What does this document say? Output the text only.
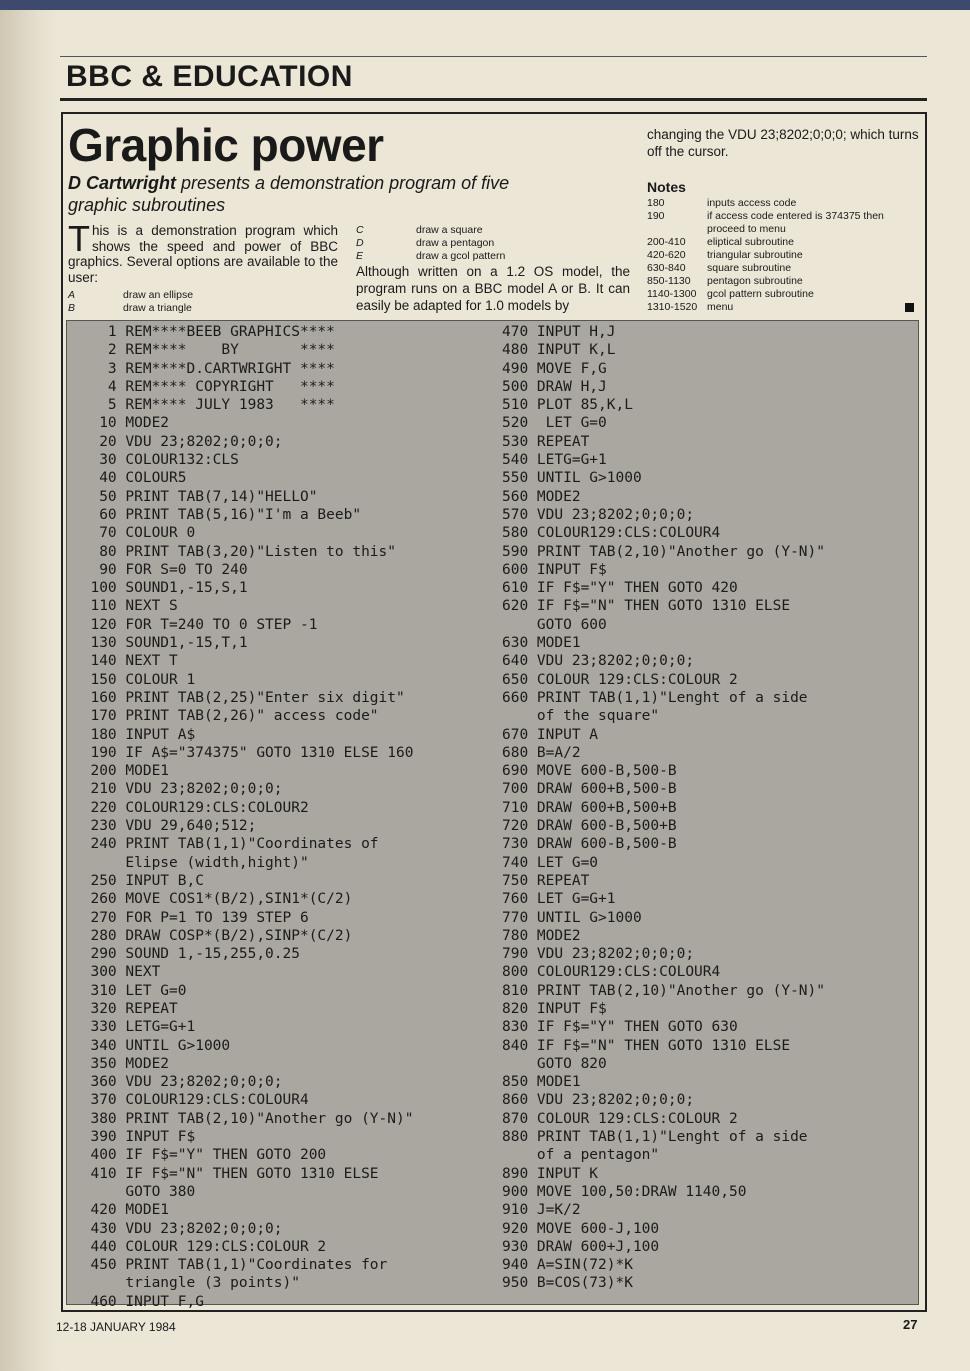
BBC & EDUCATION
Graphic power
D Cartwright presents a demonstration program of five graphic subroutines
This is a demonstration program which shows the speed and power of BBC graphics. Several options are available to the user:
A	draw an ellipse
B	draw a triangle
C	draw a square
D	draw a pentagon
E	draw a gcol pattern
Although written on a 1.2 OS model, the program runs on a BBC model A or B. It can easily be adapted for 1.0 models by
changing the VDU 23;8202;0;0;0; which turns off the cursor.
Notes
180	inputs access code
190	if access code entered is 374375 then proceed to menu
200-410	eliptical subroutine
420-620	triangular subroutine
630-840	square subroutine
850-1130	pentagon subroutine
1140-1300	gcol pattern subroutine
1310-1520 menu
1 REM****BEEB GRAPHICS****
2 REM****    BY       ****
3 REM****D.CARTWRIGHT ****
4 REM**** COPYRIGHT   ****
5 REM**** JULY 1983   ****
10 MODE2
20 VDU 23;8202;0;0;0;
30 COLOUR132:CLS
40 COLOUR5
50 PRINT TAB(7,14)"HELLO"
60 PRINT TAB(5,16)"I'm a Beeb"
70 COLOUR 0
80 PRINT TAB(3,20)"Listen to this"
90 FOR S=0 TO 240
100 SOUND1,-15,S,1
110 NEXT S
120 FOR T=240 TO 0 STEP -1
130 SOUND1,-15,T,1
140 NEXT T
150 COLOUR 1
160 PRINT TAB(2,25)"Enter six digit"
170 PRINT TAB(2,26)" access code"
180 INPUT A$
190 IF A$="374375" GOTO 1310 ELSE 160
200 MODE1
210 VDU 23;8202;0;0;0;
220 COLOUR129:CLS:COLOUR2
230 VDU 29,640;512;
240 PRINT TAB(1,1)"Coordinates of
Elipse (width,hight)"
250 INPUT B,C
260 MOVE COS1*(B/2),SIN1*(C/2)
270 FOR P=1 TO 139 STEP 6
280 DRAW COSP*(B/2),SINP*(C/2)
290 SOUND 1,-15,255,0.25
300 NEXT
310 LET G=0
320 REPEAT
330 LETG=G+1
340 UNTIL G>1000
350 MODE2
360 VDU 23;8202;0;0;0;
370 COLOUR129:CLS:COLOUR4
380 PRINT TAB(2,10)"Another go (Y-N)"
390 INPUT F$
400 IF F$="Y" THEN GOTO 200
410 IF F$="N" THEN GOTO 1310 ELSE
GOTO 380
420 MODE1
430 VDU 23;8202;0;0;0;
440 COLOUR 129:CLS:COLOUR 2
450 PRINT TAB(1,1)"Coordinates for
triangle (3 points)"
460 INPUT F,G
470 INPUT H,J
480 INPUT K,L
490 MOVE F,G
500 DRAW H,J
510 PLOT 85,K,L
520  LET G=0
530 REPEAT
540 LETG=G+1
550 UNTIL G>1000
560 MODE2
570 VDU 23;8202;0;0;0;
580 COLOUR129:CLS:COLOUR4
590 PRINT TAB(2,10)"Another go (Y-N)"
600 INPUT F$
610 IF F$="Y" THEN GOTO 420
620 IF F$="N" THEN GOTO 1310 ELSE
GOTO 600
630 MODE1
640 VDU 23;8202;0;0;0;
650 COLOUR 129:CLS:COLOUR 2
660 PRINT TAB(1,1)"Lenght of a side
of the square"
670 INPUT A
680 B=A/2
690 MOVE 600-B,500-B
700 DRAW 600+B,500-B
710 DRAW 600+B,500+B
720 DRAW 600-B,500+B
730 DRAW 600-B,500-B
740 LET G=0
750 REPEAT
760 LET G=G+1
770 UNTIL G>1000
780 MODE2
790 VDU 23;8202;0;0;0;
800 COLOUR129:CLS:COLOUR4
810 PRINT TAB(2,10)"Another go (Y-N)"
820 INPUT F$
830 IF F$="Y" THEN GOTO 630
840 IF F$="N" THEN GOTO 1310 ELSE
GOTO 820
850 MODE1
860 VDU 23;8202;0;0;0;
870 COLOUR 129:CLS:COLOUR 2
880 PRINT TAB(1,1)"Lenght of a side
of a pentagon"
890 INPUT K
900 MOVE 100,50:DRAW 1140,50
910 J=K/2
920 MOVE 600-J,100
930 DRAW 600+J,100
940 A=SIN(72)*K
950 B=COS(73)*K
12-18 JANUARY 1984	27
